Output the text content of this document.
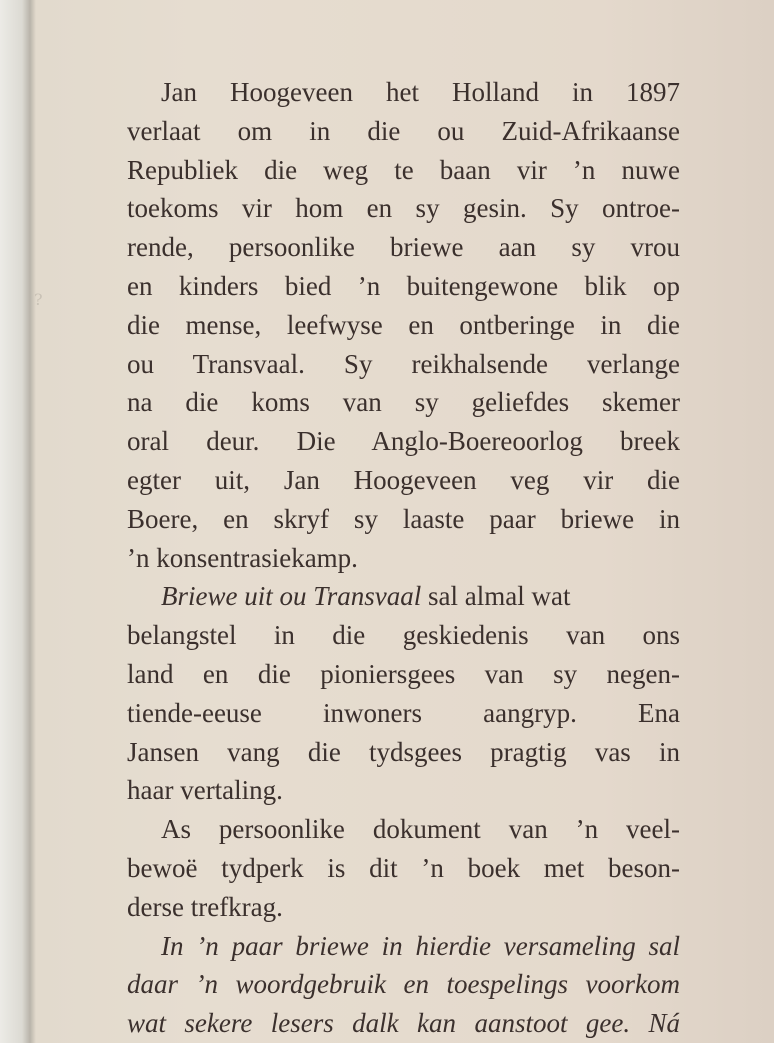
?
Jan Hoogeveen het Holland in 1897
verlaat om in die ou Zuid-Afrikaanse
Republiek die weg te baan vir ’n nuwe
toekoms vir hom en sy gesin. Sy ontroe-
rende, persoonlike briewe aan sy vrou
en kinders bied ’n buitengewone blik op
die mense, leefwyse en ontberinge in die
ou Transvaal. Sy reikhalsende verlange
na die koms van sy geliefdes skemer
oral deur. Die Anglo-Boereoorlog breek
egter uit, Jan Hoogeveen veg vir die
Boere, en skryf sy laaste paar briewe in
’n konsentrasiekamp.
Briewe uit ou Transvaal sal almal wat
belangstel in die geskiedenis van ons
land en die pioniersgees van sy negen-
tiende-eeuse inwoners aangryp. Ena
Jansen vang die tydsgees pragtig vas in
haar vertaling.
As persoonlike dokument van ’n veel-
bewoë tydperk is dit ’n boek met beson-
derse trefkrag.
In ’n paar briewe in hierdie versameling sal
daar ’n woordgebruik en toespelings voorkom
wat sekere lesers dalk kan aanstoot gee. Ná
